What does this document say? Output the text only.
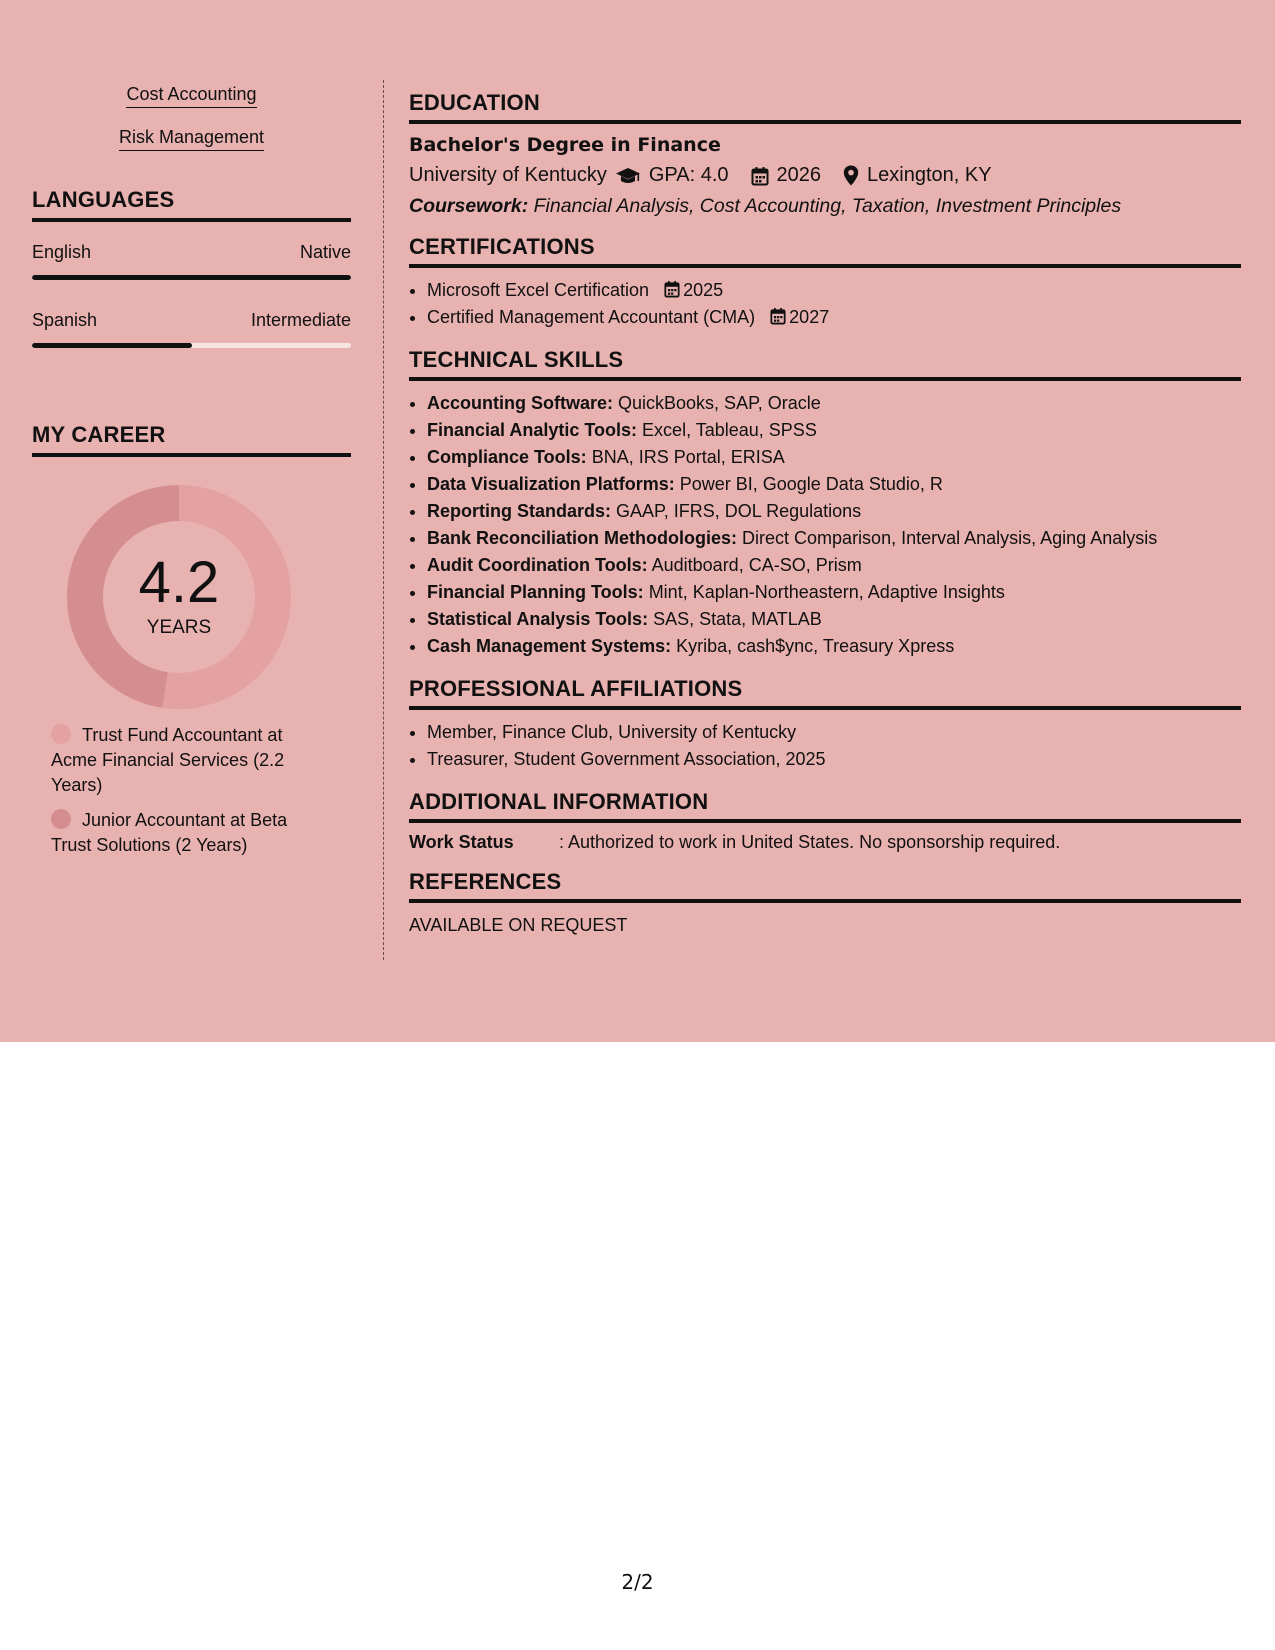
Cost Accounting
Risk Management
LANGUAGES
English	Native
Spanish	Intermediate
MY CAREER
4.2
YEARS
Trust Fund Accountant at Acme Financial Services (2.2 Years)
Junior Accountant at Beta Trust Solutions (2 Years)
EDUCATION
Bachelor's Degree in Finance
University of Kentucky GPA: 4.0 2026 Lexington, KY
Coursework: Financial Analysis, Cost Accounting, Taxation, Investment Principles
CERTIFICATIONS
• Microsoft Excel Certification 2025
• Certified Management Accountant (CMA) 2027
TECHNICAL SKILLS
• Accounting Software: QuickBooks, SAP, Oracle
• Financial Analytic Tools: Excel, Tableau, SPSS
• Compliance Tools: BNA, IRS Portal, ERISA
• Data Visualization Platforms: Power BI, Google Data Studio, R
• Reporting Standards: GAAP, IFRS, DOL Regulations
• Bank Reconciliation Methodologies: Direct Comparison, Interval Analysis, Aging Analysis
• Audit Coordination Tools: Auditboard, CA-SO, Prism
• Financial Planning Tools: Mint, Kaplan-Northeastern, Adaptive Insights
• Statistical Analysis Tools: SAS, Stata, MATLAB
• Cash Management Systems: Kyriba, cash$ync, Treasury Xpress
PROFESSIONAL AFFILIATIONS
• Member, Finance Club, University of Kentucky
• Treasurer, Student Government Association, 2025
ADDITIONAL INFORMATION
Work Status	: Authorized to work in United States. No sponsorship required.
REFERENCES
AVAILABLE ON REQUEST
2/2
